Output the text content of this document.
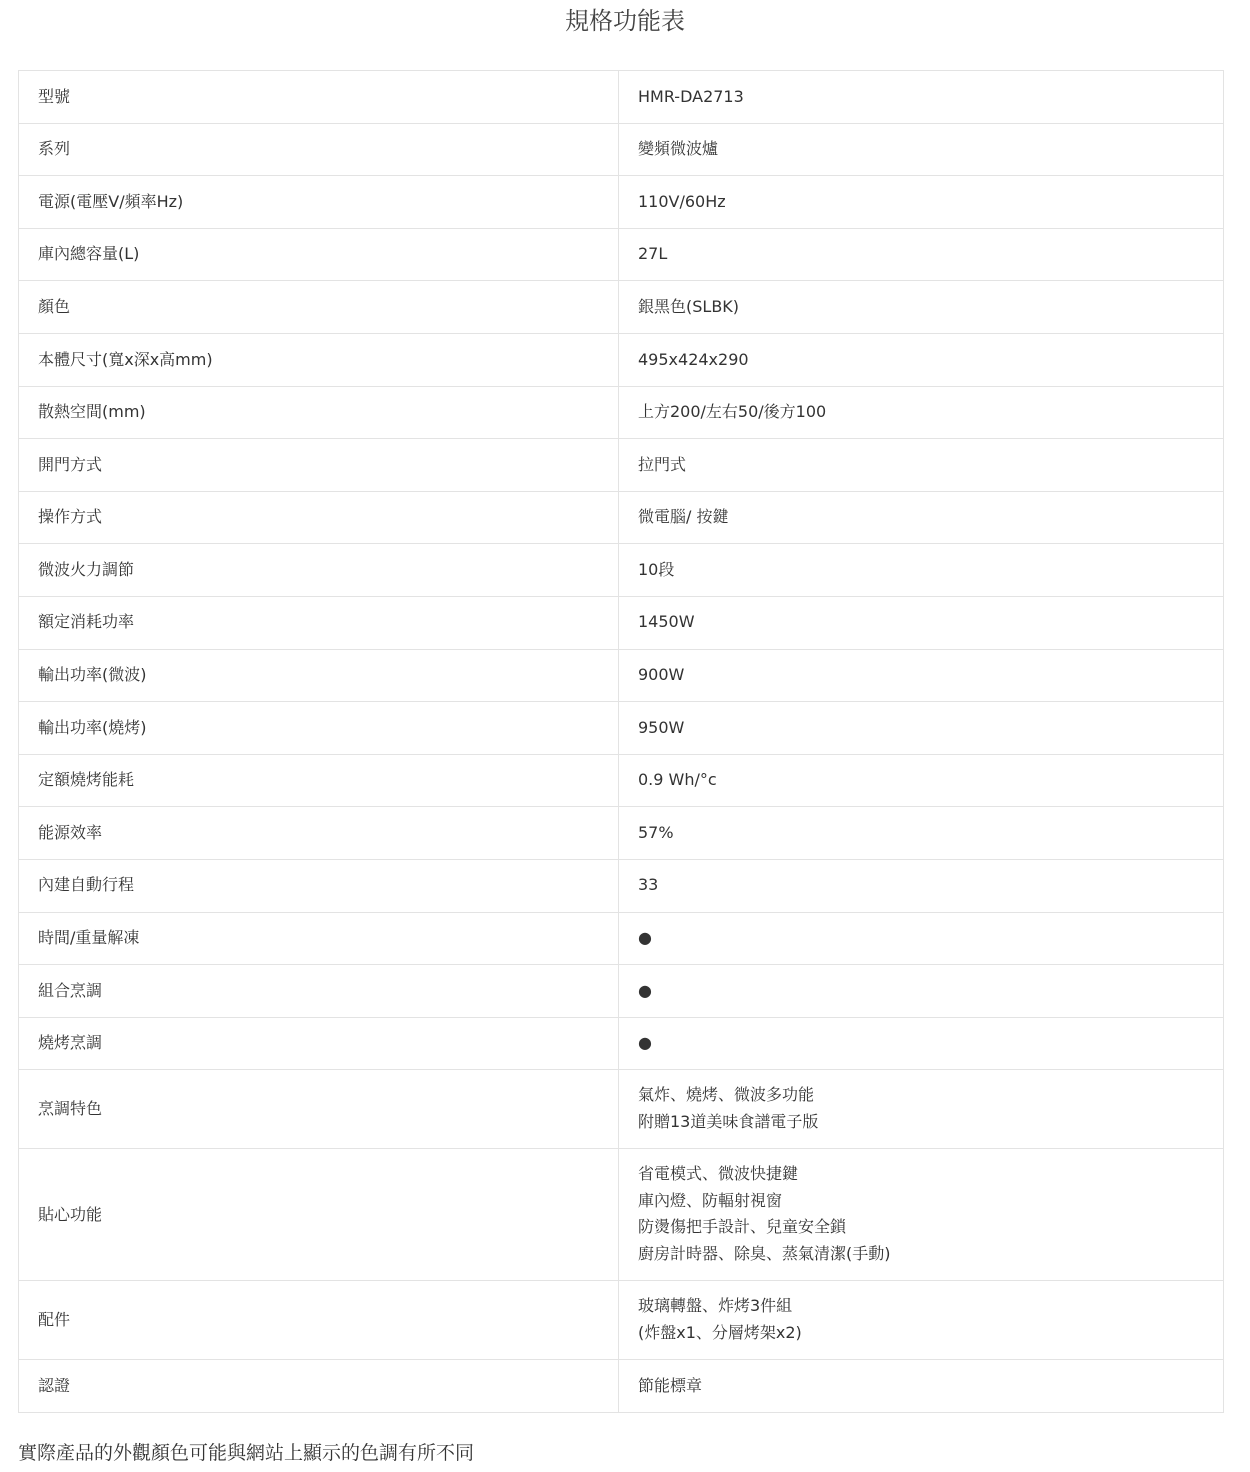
規格功能表
型號	HMR-DA2713

系列	變頻微波爐

電源(電壓V/頻率Hz)	110V/60Hz

庫內總容量(L)	27L

顏色	銀黑色(SLBK)

本體尺寸(寬x深x高mm)	495x424x290

散熱空間(mm)	上方200/左右50/後方100

開門方式	拉門式

操作方式	微電腦/ 按鍵

微波火力調節	10段

額定消耗功率	1450W

輸出功率(微波)	900W

輸出功率(燒烤)	950W

定額燒烤能耗	0.9 Wh/°c

能源效率	57%

內建自動行程	33

時間/重量解凍	●

組合烹調	●

燒烤烹調	●

烹調特色	氣炸、燒烤、微波多功能
附贈13道美味食譜電子版

貼心功能	省電模式、微波快捷鍵
庫內燈、防輻射視窗
防燙傷把手設計、兒童安全鎖
廚房計時器、除臭、蒸氣清潔(手動)

配件	玻璃轉盤、炸烤3件組
(炸盤x1、分層烤架x2)

認證	節能標章
實際產品的外觀顏色可能與網站上顯示的色調有所不同
